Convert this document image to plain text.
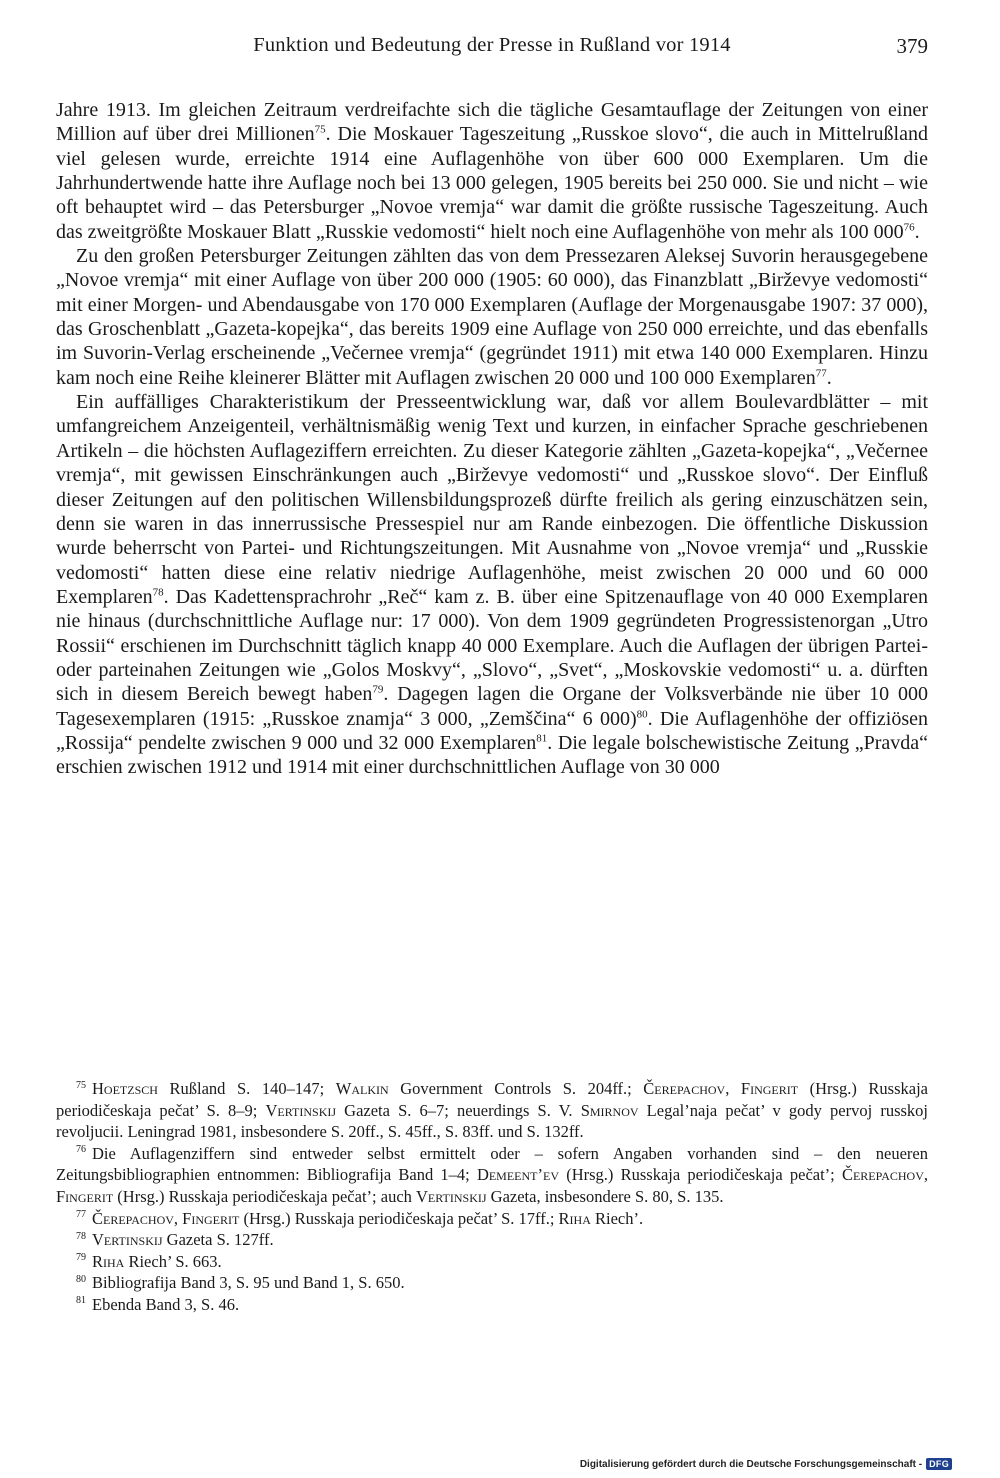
Funktion und Bedeutung der Presse in Rußland vor 1914	379

Jahre 1913. Im gleichen Zeitraum verdreifachte sich die tägliche Gesamtauflage der Zeitungen von einer Million auf über drei Millionen$^{75}$. Die Moskauer Tageszeitung „Russkoe slovo“, die auch in Mittelrußland viel gelesen wurde, erreichte 1914 eine Auflagenhöhe von über 600 000 Exemplaren. Um die Jahrhundertwende hatte ihre Auflage noch bei 13 000 gelegen, 1905 bereits bei 250 000. Sie und nicht – wie oft behauptet wird – das Petersburger „Novoe vremja“ war damit die größte russische Tageszeitung. Auch das zweitgrößte Moskauer Blatt „Russkie vedomosti“ hielt noch eine Auflagenhöhe von mehr als 100 $000^{76}$.

Zu den großen Petersburger Zeitungen zählten das von dem Pressezaren Aleksej Suvorin herausgegebene „Novoe vremja“ mit einer Auflage von über 200 000 (1905: 60 000), das Finanzblatt „Birževye vedomosti“ mit einer Morgen- und Abendausgabe von 170 000 Exemplaren (Auflage der Morgenausgabe 1907: 37 000), das Groschenblatt „Gazeta-kopejka“, das bereits 1909 eine Auflage von 250 000 erreichte, und das ebenfalls im Suvorin-Verlag erscheinende „Večernee vremja“ (gegründet 1911) mit etwa 140 000 Exemplaren. Hinzu kam noch eine Reihe kleinerer Blätter mit Auflagen zwischen 20 000 und 100 000 Exemplaren$^{77}$.

Ein auffälliges Charakteristikum der Presseentwicklung war, daß vor allem Boulevardblätter – mit umfangreichem Anzeigenteil, verhältnismäßig wenig Text und kurzen, in einfacher Sprache geschriebenen Artikeln – die höchsten Auflageziffern erreichten. Zu dieser Kategorie zählten „Gazeta-kopejka“, „Večernee vremja“, mit gewissen Einschränkungen auch „Birževye vedomosti“ und „Russkoe slovo“. Der Einfluß dieser Zeitungen auf den politischen Willensbildungsprozeß dürfte freilich als gering einzuschätzen sein, denn sie waren in das innerrussische Pressespiel nur am Rande einbezogen. Die öffentliche Diskussion wurde beherrscht von Partei- und Richtungszeitungen. Mit Ausnahme von „Novoe vremja“ und „Russkie vedomosti“ hatten diese eine relativ niedrige Auflagenhöhe, meist zwischen 20 000 und 60 000 Exemplaren$^{78}$. Das Kadettensprachrohr „Reč“ kam z. B. über eine Spitzenauflage von 40 000 Exemplaren nie hinaus (durchschnittliche Auflage nur: 17 000). Von dem 1909 gegründeten Progressistenorgan „Utro Rossii“ erschienen im Durchschnitt täglich knapp 40 000 Exemplare. Auch die Auflagen der übrigen Partei- oder parteinahen Zeitungen wie „Golos Moskvy“, „Slovo“, „Svet“, „Moskovskie vedomosti“ u. a. dürften sich in diesem Bereich bewegt haben$^{79}$. Dagegen lagen die Organe der Volksverbände nie über 10 000 Tagesexemplaren (1915: „Russkoe znamja“ 3 000, „Zemščina“ 6 000)$^{80}$. Die Auflagenhöhe der offiziösen „Rossija“ pendelte zwischen 9 000 und 32 000 Exemplaren$^{81}$. Die legale bolschewistische Zeitung „Pravda“ erschien zwischen 1912 und 1914 mit einer durchschnittlichen Auflage von 30 000

$^{75}$ Hoetzsch Rußland S. 140–147; Walkin Government Controls S. 204ff.; Čerepachov, Fingerit (Hrsg.) Russkaja periodičeskaja pečat’ S. 8–9; Vertinskij Gazeta S. 6–7; neuerdings S. V. Smirnov Legal’naja pečat’ v gody pervoj russkoj revoljucii. Leningrad 1981, insbesondere S. 20ff., S. 45ff., S. 83ff. und S. 132ff.

$^{76}$ Die Auflagenziffern sind entweder selbst ermittelt oder – sofern Angaben vorhanden sind – den neueren Zeitungsbibliographien entnommen: Bibliografija Band 1–4; Demeent’ev (Hrsg.) Russkaja periodičeskaja pečat’; Čerepachov, Fingerit (Hrsg.) Russkaja periodičeskaja pečat’; auch Vertinskij Gazeta, insbesondere S. 80, S. 135.

$^{77}$ Čerepachov, Fingerit (Hrsg.) Russkaja periodičeskaja pečat’ S. 17ff.; Riha Riech’.

$^{78}$ Vertinskij Gazeta S. 127ff.

$^{79}$ Riha Riech’ S. 663.

$^{80}$ Bibliografija Band 3, S. 95 und Band 1, S. 650.

$^{81}$ Ebenda Band 3, S. 46.

Digitalisierung gefördert durch die Deutsche Forschungsgemeinschaft - DFG
